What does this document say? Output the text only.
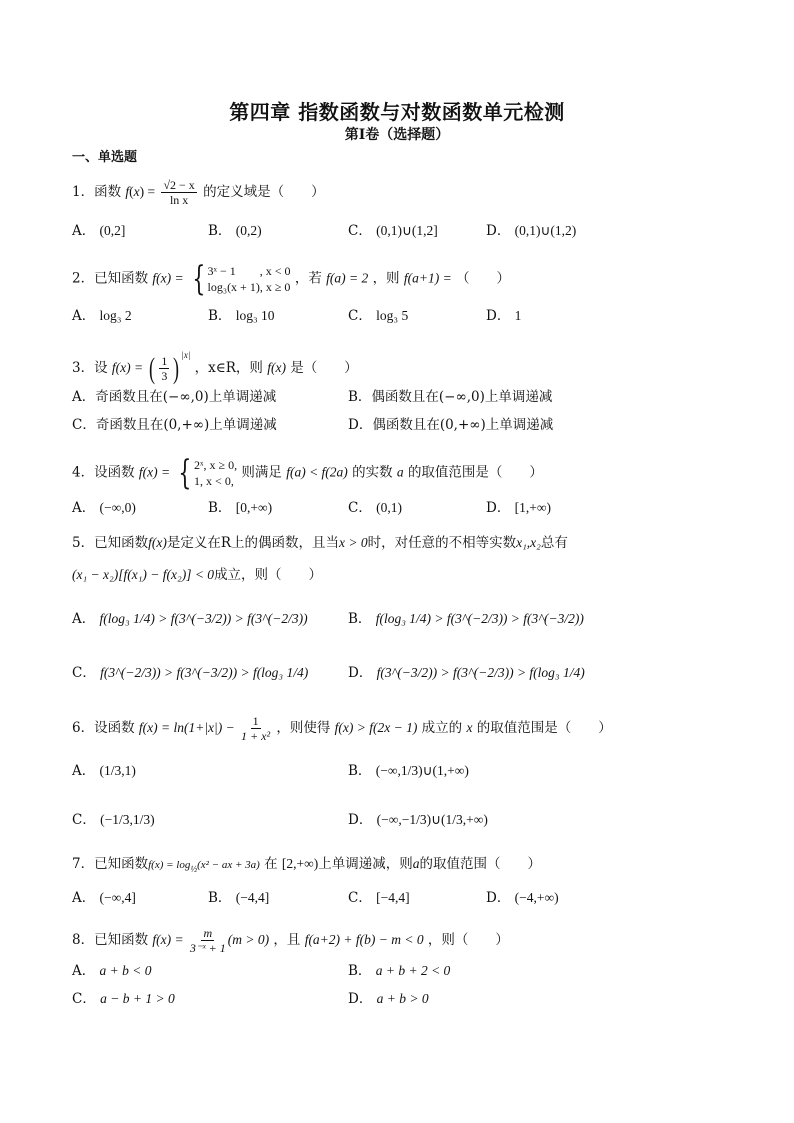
第四章 指数函数与对数函数单元检测
第I卷（选择题）
一、单选题
1．函数 $f(x) = \frac{√2 - x}{\text{ln x}}$ 的定义域是（　　）
A． (0,2]	B． (0,2)	C． (0,1)∪(1,2]	D． (0,1)∪(1,2)
2．已知函数 f(x) = { 3ˣ − 1　　, x < 0
log₃(x + 1), x ≥ 0
，若 f(a) = 2 ，则 f(a+1) = （　　）
A． log₃ 2	B． log₃ 10	C． log₃ 5	D． 1
3．设 f(x) = ( $\frac{1}{3}$ ) $^{|x|}$ ，x∈R，则 f(x) 是（　　）
A．奇函数且在(−∞,0)上单调递减	B．偶函数且在(−∞,0)上单调递减
C．奇函数且在(0,+∞)上单调递减	D．偶函数且在(0,+∞)上单调递减
4．设函数 f(x) = { 2ˣ, x ≥ 0,
1, x < 0,
则满足 f(a) < f(2a) 的实数 a 的取值范围是（　　）
A． (−∞,0)	B． [0,+∞)	C． (0,1)	D． [1,+∞)
5．已知函数f(x)是定义在R上的偶函数，且当x > 0时，对任意的不相等实数x₁,x₂总有
(x₁ − x₂)[f(x₁) − f(x₂)] < 0成立，则（　　）
A． f(log₃ 1/4) > f(3^(−3/2)) > f(3^(−2/3))	B． f(log₃ 1/4) > f(3^(−2/3)) > f(3^(−3/2))
C． f(3^(−2/3)) > f(3^(−3/2)) > f(log₃ 1/4)	D． f(3^(−3/2)) > f(3^(−2/3)) > f(log₃ 1/4)
6．设函数 $f(x) = \ln(1+|x|) - \frac{1}{\text{1 + x²}}$ ，则使得 f(x) > f(2x − 1) 成立的 x 的取值范围是（　　）
A． (1/3,1)	B． (−∞,1/3)∪(1,+∞)
C． (−1/3,1/3)	D． (−∞,−1/3)∪(1/3,+∞)
7．已知函数$f(x) = \log_{\frac{1}{2}}(x^2$ − ax + 3a) 在 [2,+∞)上单调递减，则a的取值范围（　　）
A． (−∞,4]	B． (−4,4]	C． [−4,4]	D． (−4,+∞)
8．已知函数 $f(x) = \frac{m}{\text{3⁻ˣ + 1}} (m > 0)$ ，且 f(a+2) + f(b) − m < 0 ，则（　　）
A． a + b < 0	B． a + b + 2 < 0
C． a − b + 1 > 0	D． a + b > 0
